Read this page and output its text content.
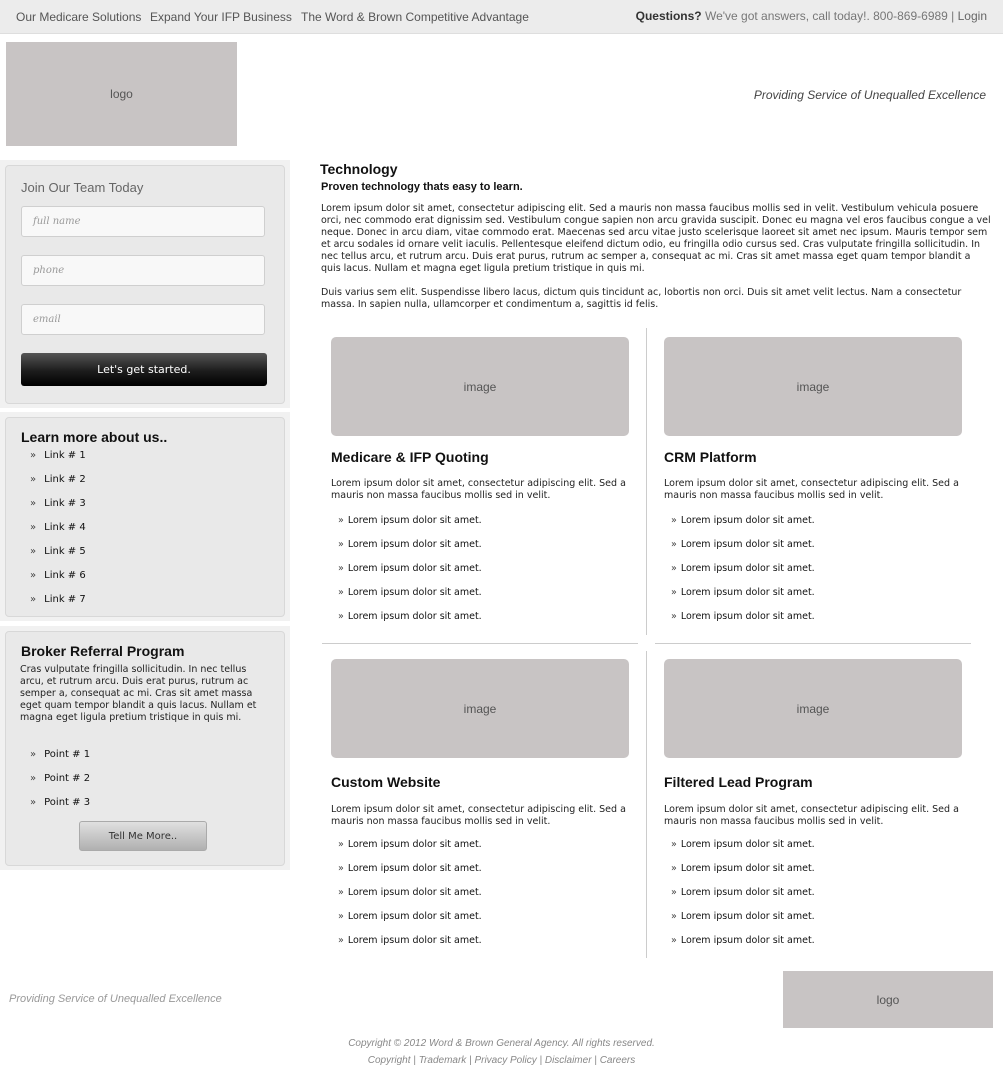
Our Medicare Solutions Expand Your IFP Business The Word & Brown Competitive Advantage	Questions? We've got answers, call today!. 800-869-6989 | Login
logo	Providing Service of Unequalled Excellence
Join Our Team Today
full name
phone
email
Let's get started.
Learn more about us..
» Link # 1
» Link # 2
» Link # 3
» Link # 4
» Link # 5
» Link # 6
» Link # 7
Broker Referral Program

Cras vulputate fringilla sollicitudin. In nec tellus arcu, et rutrum arcu. Duis erat purus, rutrum ac semper a, consequat ac mi. Cras sit amet massa eget quam tempor blandit a quis lacus. Nullam et magna eget ligula pretium tristique in quis mi.

» Point # 1
» Point # 2
» Point # 3
Tell Me More..
Technology
Proven technology thats easy to learn.

Lorem ipsum dolor sit amet, consectetur adipiscing elit. Sed a mauris non massa faucibus mollis sed in velit. Vestibulum vehicula posuere orci, nec commodo erat dignissim sed. Vestibulum congue sapien non arcu gravida suscipit. Donec eu magna vel eros faucibus congue a vel neque. Donec in arcu diam, vitae commodo erat. Maecenas sed arcu vitae justo scelerisque laoreet sit amet nec ipsum. Mauris tempor sem et arcu sodales id ornare velit iaculis. Pellentesque eleifend dictum odio, eu fringilla odio cursus sed. Cras vulputate fringilla sollicitudin. In nec tellus arcu, et rutrum arcu. Duis erat purus, rutrum ac semper a, consequat ac mi. Cras sit amet massa eget quam tempor blandit a quis lacus. Nullam et magna eget ligula pretium tristique in quis mi.

Duis varius sem elit. Suspendisse libero lacus, dictum quis tincidunt ac, lobortis non orci. Duis sit amet velit lectus. Nam a consectetur massa. In sapien nulla, ullamcorper et condimentum a, sagittis id felis.

image
Medicare & IFP Quoting

Lorem ipsum dolor sit amet, consectetur adipiscing elit. Sed a mauris non massa faucibus mollis sed in velit.

» Lorem ipsum dolor sit amet.
» Lorem ipsum dolor sit amet.
» Lorem ipsum dolor sit amet.
» Lorem ipsum dolor sit amet.
» Lorem ipsum dolor sit amet.
image
CRM Platform

Lorem ipsum dolor sit amet, consectetur adipiscing elit. Sed a mauris non massa faucibus mollis sed in velit.

» Lorem ipsum dolor sit amet.
» Lorem ipsum dolor sit amet.
» Lorem ipsum dolor sit amet.
» Lorem ipsum dolor sit amet.
» Lorem ipsum dolor sit amet.
image
Custom Website

Lorem ipsum dolor sit amet, consectetur adipiscing elit. Sed a mauris non massa faucibus mollis sed in velit.

» Lorem ipsum dolor sit amet.
» Lorem ipsum dolor sit amet.
» Lorem ipsum dolor sit amet.
» Lorem ipsum dolor sit amet.
» Lorem ipsum dolor sit amet.
image
Filtered Lead Program

Lorem ipsum dolor sit amet, consectetur adipiscing elit. Sed a mauris non massa faucibus mollis sed in velit.

» Lorem ipsum dolor sit amet.
» Lorem ipsum dolor sit amet.
» Lorem ipsum dolor sit amet.
» Lorem ipsum dolor sit amet.
» Lorem ipsum dolor sit amet.
Providing Service of Unequalled Excellence	logo
Copyright © 2012 Word & Brown General Agency. All rights reserved.
Copyright | Trademark | Privacy Policy | Disclaimer | Careers
